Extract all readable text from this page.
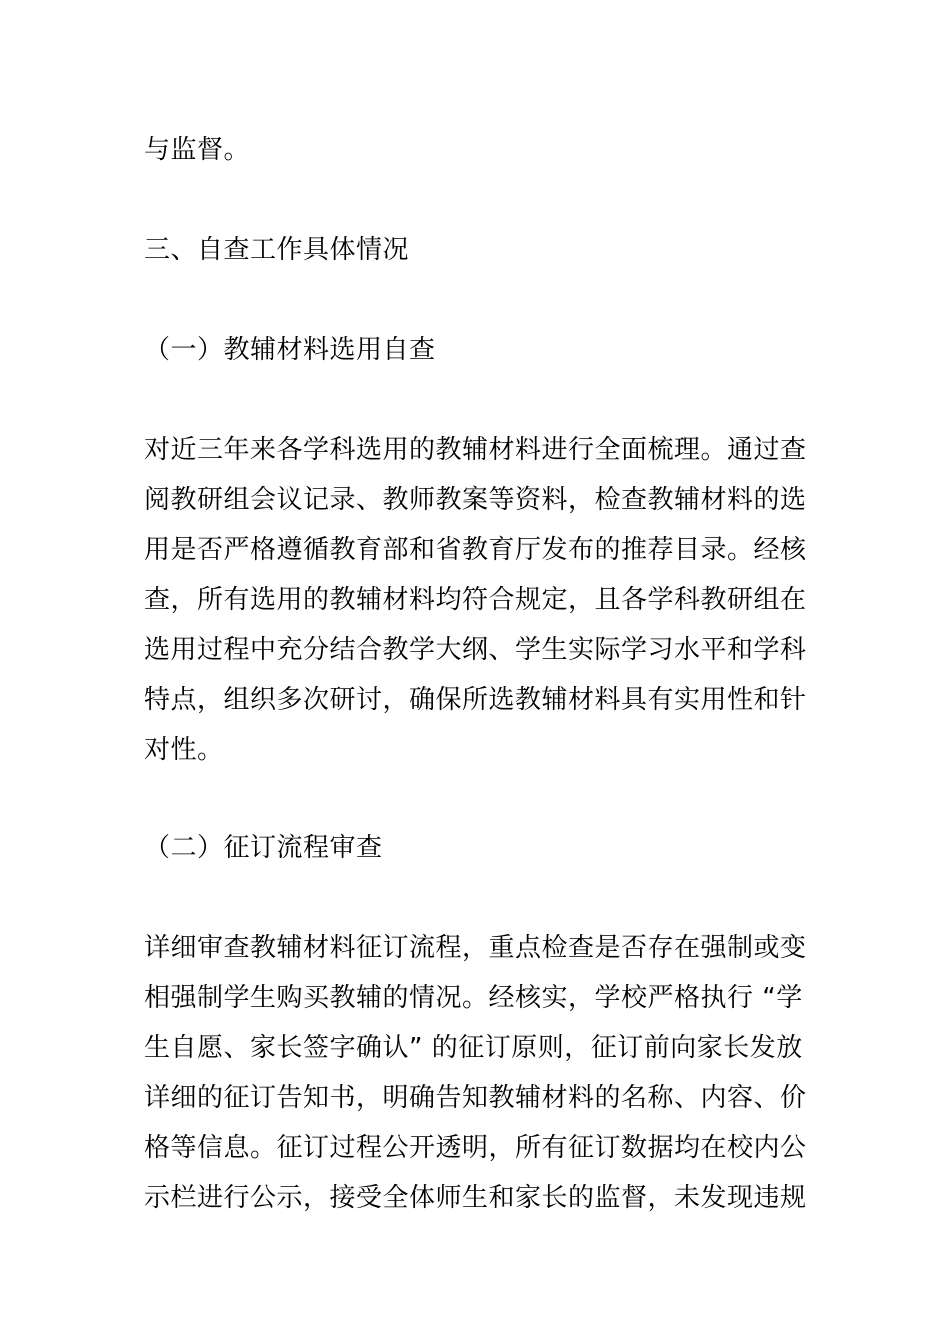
与监督。
三、自查工作具体情况
（一）教辅材料选用自查
对近三年来各学科选用的教辅材料进行全面梳理。通过查
阅教研组会议记录、教师教案等资料，检查教辅材料的选
用是否严格遵循教育部和省教育厅发布的推荐目录。经核
查，所有选用的教辅材料均符合规定，且各学科教研组在
选用过程中充分结合教学大纲、学生实际学习水平和学科
特点，组织多次研讨，确保所选教辅材料具有实用性和针
对性。
（二）征订流程审查
详细审查教辅材料征订流程，重点检查是否存在强制或变
相强制学生购买教辅的情况。经核实，学校严格执行 “学
生自愿、家长签字确认” 的征订原则，征订前向家长发放
详细的征订告知书，明确告知教辅材料的名称、内容、价
格等信息。征订过程公开透明，所有征订数据均在校内公
示栏进行公示，接受全体师生和家长的监督，未发现违规
